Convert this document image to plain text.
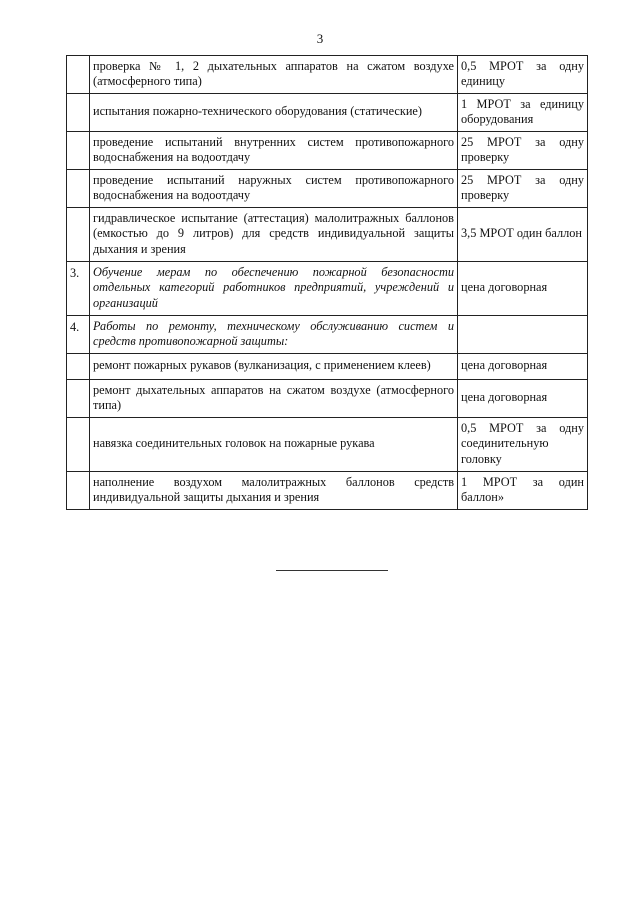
3
	проверка № 1, 2 дыхательных аппаратов на сжатом воздухе (атмосферного типа)	0,5 МРОТ за одну единицу
	испытания пожарно-технического оборудования (статические)	1 МРОТ за единицу оборудования
	проведение испытаний внутренних систем противопожарного водоснабжения на водоотдачу	25 МРОТ за одну проверку
	проведение испытаний наружных систем противопожарного водоснабжения на водоотдачу	25 МРОТ за одну проверку
	гидравлическое испытание (аттестация) малолитражных баллонов (емкостью до 9 литров) для средств индивидуальной защиты дыхания и зрения	3,5 МРОТ один баллон
3.	Обучение мерам по обеспечению пожарной безопасности отдельных категорий работников предприятий, учреждений и организаций	цена договорная
4.	Работы по ремонту, техническому обслуживанию систем и средств противопожарной защиты:	
	ремонт пожарных рукавов (вулканизация, с применением клеев)	цена договорная
	ремонт дыхательных аппаратов на сжатом воздухе (атмосферного типа)	цена договорная
	навязка соединительных головок на пожарные рукава	0,5 МРОТ за одну соединительную головку
	наполнение воздухом малолитражных баллонов средств индивидуальной защиты дыхания и зрения	1 МРОТ за один баллон»
